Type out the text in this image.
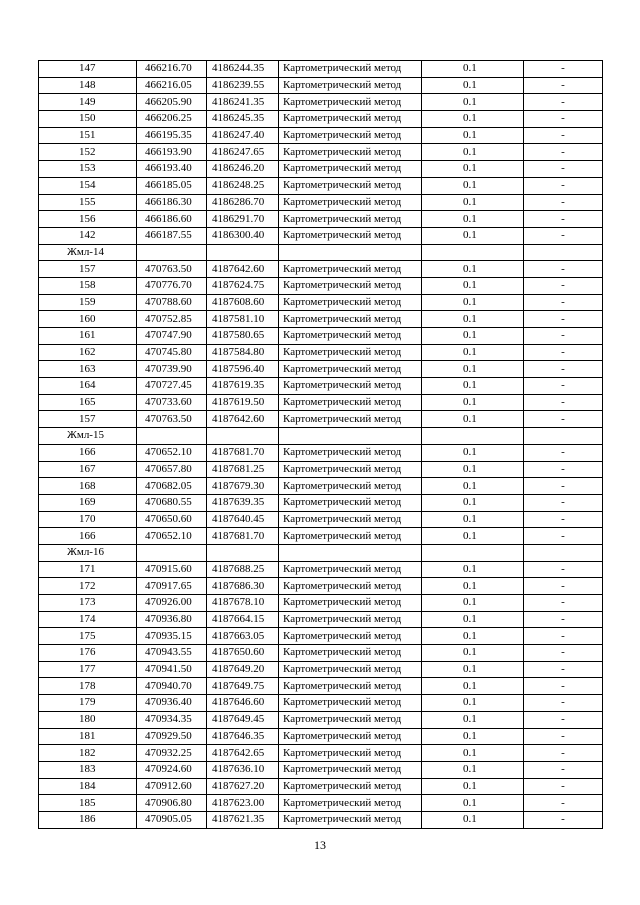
147	466216.70	4186244.35	Картометрический метод	0.1	-
148	466216.05	4186239.55	Картометрический метод	0.1	-
149	466205.90	4186241.35	Картометрический метод	0.1	-
150	466206.25	4186245.35	Картометрический метод	0.1	-
151	466195.35	4186247.40	Картометрический метод	0.1	-
152	466193.90	4186247.65	Картометрический метод	0.1	-
153	466193.40	4186246.20	Картометрический метод	0.1	-
154	466185.05	4186248.25	Картометрический метод	0.1	-
155	466186.30	4186286.70	Картометрический метод	0.1	-
156	466186.60	4186291.70	Картометрический метод	0.1	-
142	466187.55	4186300.40	Картометрический метод	0.1	-
Жмл-14					
157	470763.50	4187642.60	Картометрический метод	0.1	-
158	470776.70	4187624.75	Картометрический метод	0.1	-
159	470788.60	4187608.60	Картометрический метод	0.1	-
160	470752.85	4187581.10	Картометрический метод	0.1	-
161	470747.90	4187580.65	Картометрический метод	0.1	-
162	470745.80	4187584.80	Картометрический метод	0.1	-
163	470739.90	4187596.40	Картометрический метод	0.1	-
164	470727.45	4187619.35	Картометрический метод	0.1	-
165	470733.60	4187619.50	Картометрический метод	0.1	-
157	470763.50	4187642.60	Картометрический метод	0.1	-
Жмл-15					
166	470652.10	4187681.70	Картометрический метод	0.1	-
167	470657.80	4187681.25	Картометрический метод	0.1	-
168	470682.05	4187679.30	Картометрический метод	0.1	-
169	470680.55	4187639.35	Картометрический метод	0.1	-
170	470650.60	4187640.45	Картометрический метод	0.1	-
166	470652.10	4187681.70	Картометрический метод	0.1	-
Жмл-16					
171	470915.60	4187688.25	Картометрический метод	0.1	-
172	470917.65	4187686.30	Картометрический метод	0.1	-
173	470926.00	4187678.10	Картометрический метод	0.1	-
174	470936.80	4187664.15	Картометрический метод	0.1	-
175	470935.15	4187663.05	Картометрический метод	0.1	-
176	470943.55	4187650.60	Картометрический метод	0.1	-
177	470941.50	4187649.20	Картометрический метод	0.1	-
178	470940.70	4187649.75	Картометрический метод	0.1	-
179	470936.40	4187646.60	Картометрический метод	0.1	-
180	470934.35	4187649.45	Картометрический метод	0.1	-
181	470929.50	4187646.35	Картометрический метод	0.1	-
182	470932.25	4187642.65	Картометрический метод	0.1	-
183	470924.60	4187636.10	Картометрический метод	0.1	-
184	470912.60	4187627.20	Картометрический метод	0.1	-
185	470906.80	4187623.00	Картометрический метод	0.1	-
186	470905.05	4187621.35	Картометрический метод	0.1	-
13
